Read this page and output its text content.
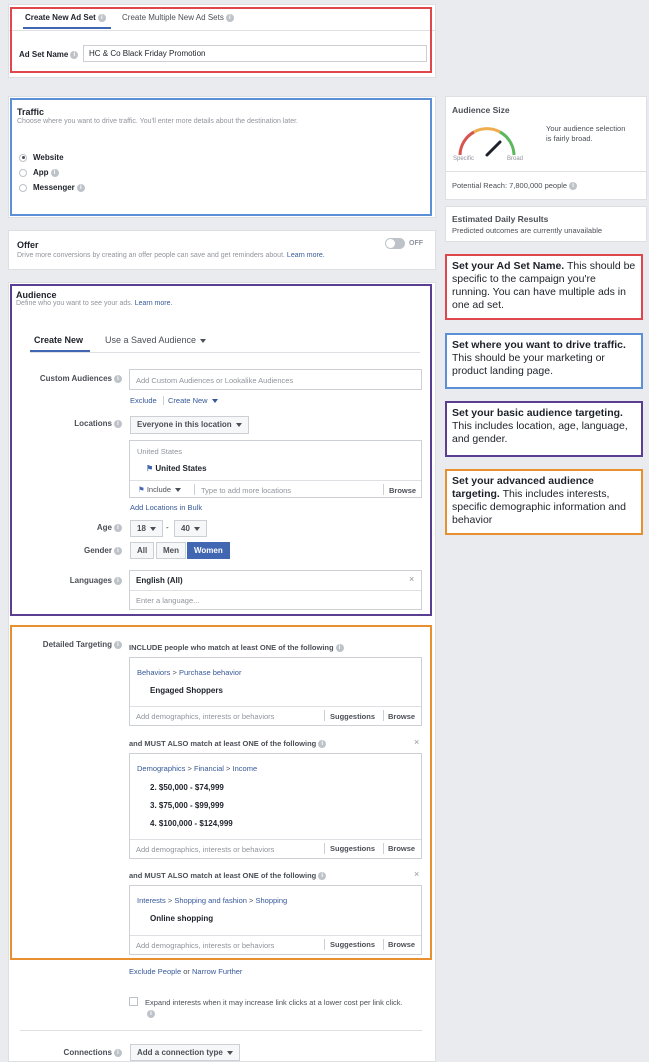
Create New Ad Set i	Create Multiple New Ad Sets i
Ad Set Name i	HC & Co Black Friday Promotion
Traffic
Choose where you want to drive traffic. You'll enter more details about the destination later.
Website
App i
Messenger i
Offer
Drive more conversions by creating an offer people can save and get reminders about. Learn more.
OFF
Audience
Define who you want to see your ads. Learn more.
Create New Use a Saved Audience
Custom Audiences i	Add Custom Audiences or Lookalike Audiences
Exclude Create New
Locations i	Everyone in this location
United States
⚑ United States
⚑ Include	Type to add more locations	Browse
Add Locations in Bulk
Age i	18	-	40
Gender i	All	Men	Women
Languages i	English (All)	×
Enter a language...
Detailed Targeting i	INCLUDE people who match at least ONE of the following i
Behaviors > Purchase behavior
Engaged Shoppers
Add demographics, interests or behaviors	Suggestions Browse
and MUST ALSO match at least ONE of the following i	×
Demographics > Financial > Income
2. $50,000 - $74,999
3. $75,000 - $99,999
4. $100,000 - $124,999
Add demographics, interests or behaviors	Suggestions Browse
and MUST ALSO match at least ONE of the following i	×
Interests > Shopping and fashion > Shopping
Online shopping
Add demographics, interests or behaviors	Suggestions Browse
Exclude People or Narrow Further
Expand interests when it may increase link clicks at a lower cost per link click.
i
Connections i	Add a connection type
Audience Size
Specific	Broad
Your audience selection is fairly broad.
Potential Reach: 7,800,000 people i
Estimated Daily Results
Predicted outcomes are currently unavailable
Set your Ad Set Name. This should be specific to the campaign you're running. You can have multiple ads in one ad set.
Set where you want to drive traffic. This should be your marketing or product landing page.
Set your basic audience targeting. This includes location, age, language, and gender.
Set your advanced audience targeting. This includes interests, specific demographic information and behavior
